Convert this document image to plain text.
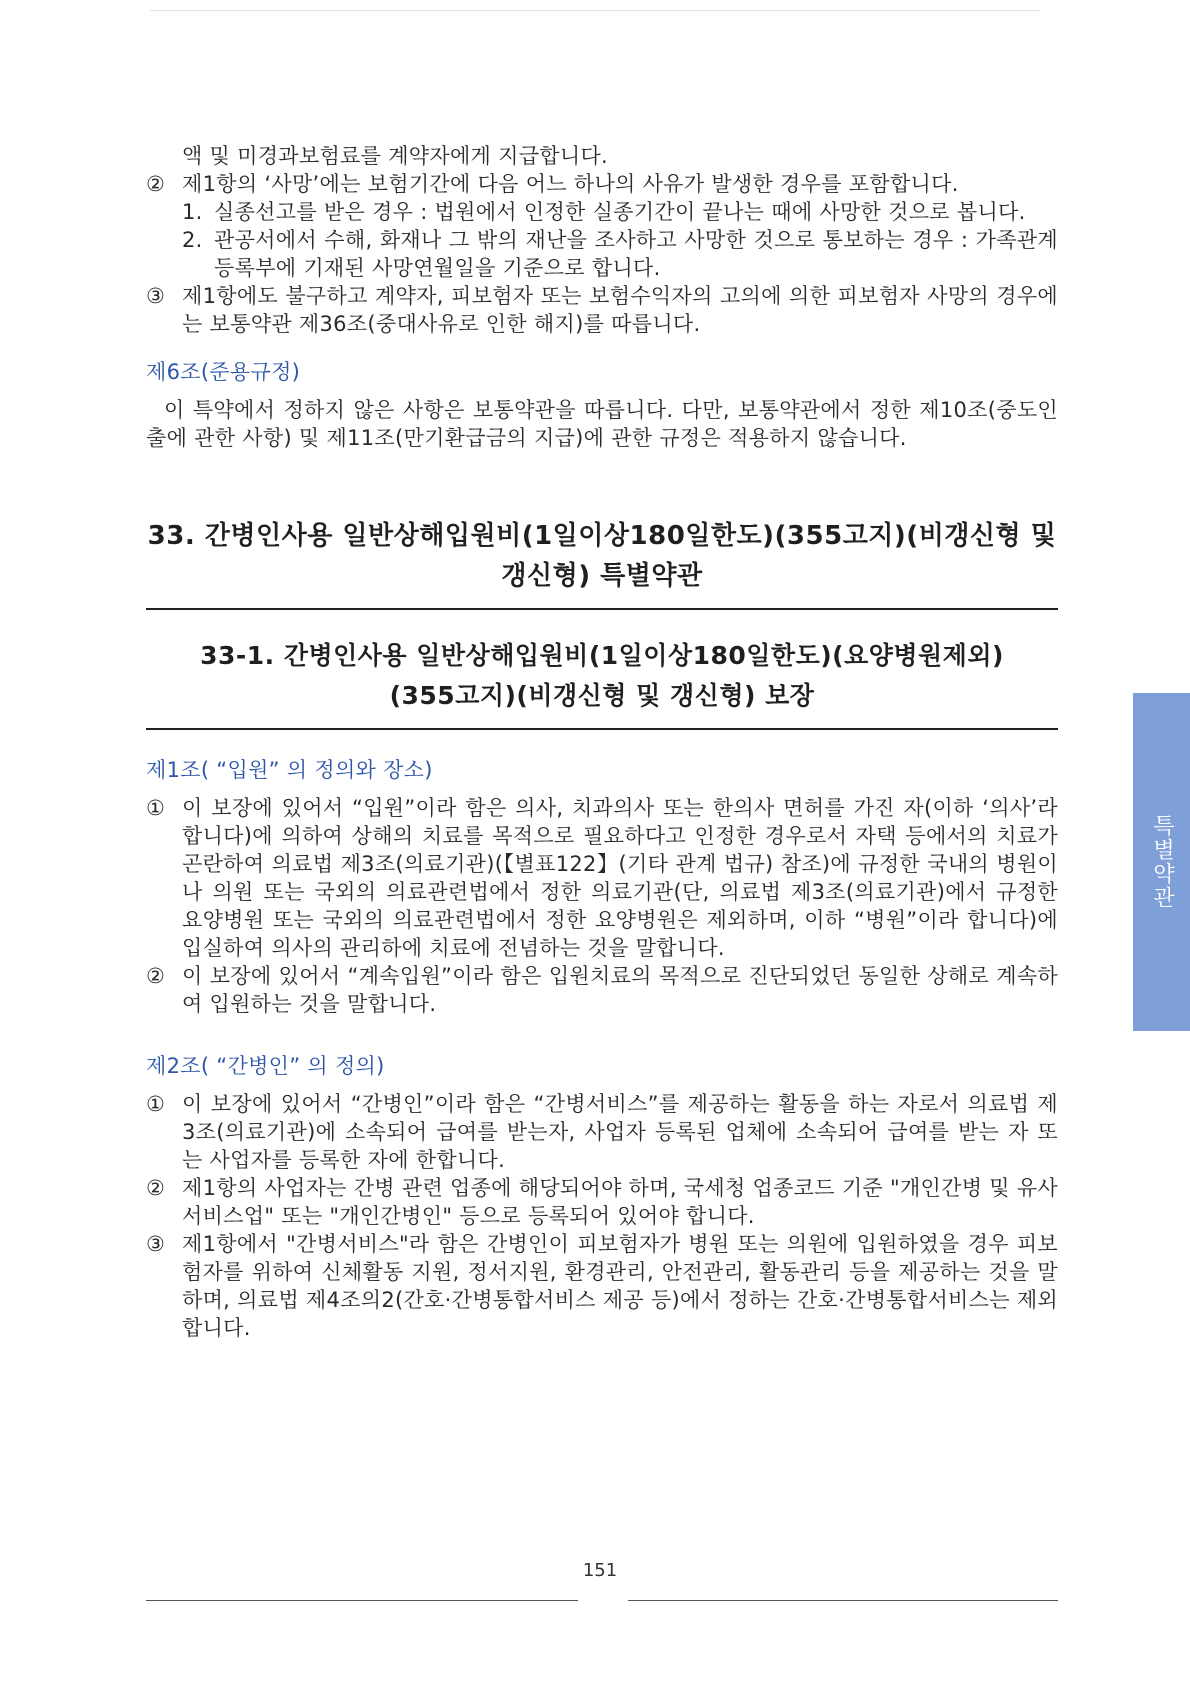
액 및 미경과보험료를 계약자에게 지급합니다.
② 제1항의 ‘사망’에는 보험기간에 다음 어느 하나의 사유가 발생한 경우를 포함합니다.
1. 실종선고를 받은 경우 : 법원에서 인정한 실종기간이 끝나는 때에 사망한 것으로 봅니다.
2. 관공서에서 수해, 화재나 그 밖의 재난을 조사하고 사망한 것으로 통보하는 경우 : 가족관계등록부에 기재된 사망연월일을 기준으로 합니다.
③ 제1항에도 불구하고 계약자, 피보험자 또는 보험수익자의 고의에 의한 피보험자 사망의 경우에는 보통약관 제36조(중대사유로 인한 해지)를 따릅니다.
제6조(준용규정)
이 특약에서 정하지 않은 사항은 보통약관을 따릅니다. 다만, 보통약관에서 정한 제10조(중도인출에 관한 사항) 및 제11조(만기환급금의 지급)에 관한 규정은 적용하지 않습니다.
33. 간병인사용 일반상해입원비(1일이상180일한도)(355고지)(비갱신형 및
갱신형) 특별약관
33-1. 간병인사용 일반상해입원비(1일이상180일한도)(요양병원제외)
(355고지)(비갱신형 및 갱신형) 보장
제1조( “입원” 의 정의와 장소)
① 이 보장에 있어서 “입원”이라 함은 의사, 치과의사 또는 한의사 면허를 가진 자(이하 ‘의사’라 합니다)에 의하여 상해의 치료를 목적으로 필요하다고 인정한 경우로서 자택 등에서의 치료가 곤란하여 의료법 제3조(의료기관)(【별표122】(기타 관계 법규) 참조)에 규정한 국내의 병원이나 의원 또는 국외의 의료관련법에서 정한 의료기관(단, 의료법 제3조(의료기관)에서 규정한 요양병원 또는 국외의 의료관련법에서 정한 요양병원은 제외하며, 이하 “병원”이라 합니다)에 입실하여 의사의 관리하에 치료에 전념하는 것을 말합니다.
② 이 보장에 있어서 “계속입원”이라 함은 입원치료의 목적으로 진단되었던 동일한 상해로 계속하여 입원하는 것을 말합니다.
제2조( “간병인” 의 정의)
① 이 보장에 있어서 “간병인”이라 함은 “간병서비스”를 제공하는 활동을 하는 자로서 의료법 제3조(의료기관)에 소속되어 급여를 받는자, 사업자 등록된 업체에 소속되어 급여를 받는 자 또는 사업자를 등록한 자에 한합니다.
② 제1항의 사업자는 간병 관련 업종에 해당되어야 하며, 국세청 업종코드 기준 "개인간병 및 유사 서비스업" 또는 "개인간병인" 등으로 등록되어 있어야 합니다.
③ 제1항에서 "간병서비스"라 함은 간병인이 피보험자가 병원 또는 의원에 입원하였을 경우 피보험자를 위하여 신체활동 지원, 정서지원, 환경관리, 안전관리, 활동관리 등을 제공하는 것을 말하며, 의료법 제4조의2(간호·간병통합서비스 제공 등)에서 정하는 간호·간병통합서비스는 제외합니다.
특별약관
151
